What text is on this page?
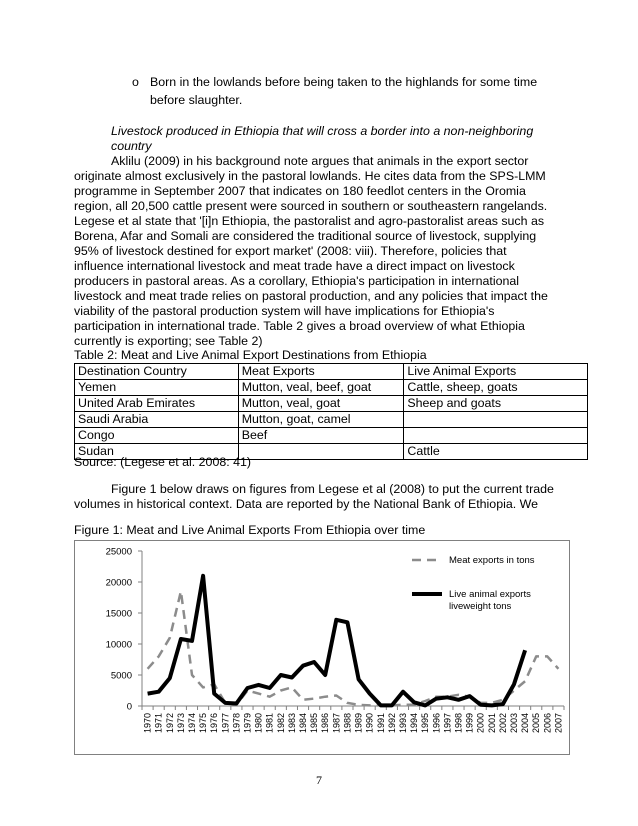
o Born in the lowlands before being taken to the highlands for some time
before slaughter.
Livestock produced in Ethiopia that will cross a border into a non-neighboring
country
Aklilu (2009) in his background note argues that animals in the export sector
originate almost exclusively in the pastoral lowlands. He cites data from the SPS-LMM
programme in September 2007 that indicates on 180 feedlot centers in the Oromia
region, all 20,500 cattle present were sourced in southern or southeastern rangelands.
Legese et al state that '[i]n Ethiopia, the pastoralist and agro-pastoralist areas such as
Borena, Afar and Somali are considered the traditional source of livestock, supplying
95% of livestock destined for export market' (2008: viii). Therefore, policies that
influence international livestock and meat trade have a direct impact on livestock
producers in pastoral areas. As a corollary, Ethiopia's participation in international
livestock and meat trade relies on pastoral production, and any policies that impact the
viability of the pastoral production system will have implications for Ethiopia's
participation in international trade. Table 2 gives a broad overview of what Ethiopia
currently is exporting; see Table 2)
Table 2: Meat and Live Animal Export Destinations from Ethiopia
Destination Country	Meat Exports	Live Animal Exports
Yemen	Mutton, veal, beef, goat	Cattle, sheep, goats
United Arab Emirates	Mutton, veal, goat	Sheep and goats
Saudi Arabia	Mutton, goat, camel	
Congo	Beef	
Sudan		Cattle
Source: (Legese et al. 2008: 41)
Figure 1 below draws on figures from Legese et al (2008) to put the current trade
volumes in historical context. Data are reported by the National Bank of Ethiopia. We
Figure 1: Meat and Live Animal Exports From Ethiopia over time
0
5000
10000
15000
20000
25000
1970 1971 1972 1973 1974 1975 1976 1977 1978 1979 1980 1981 1982 1983 1984 1985 1986 1987 1988 1989 1990 1991 1992 1993 1994 1995 1996 1997 1998 1999 2000 2001 2002 2003 2004 2005 2006 2007
Meat exports in tons
Live animal exports liveweight tons
7
